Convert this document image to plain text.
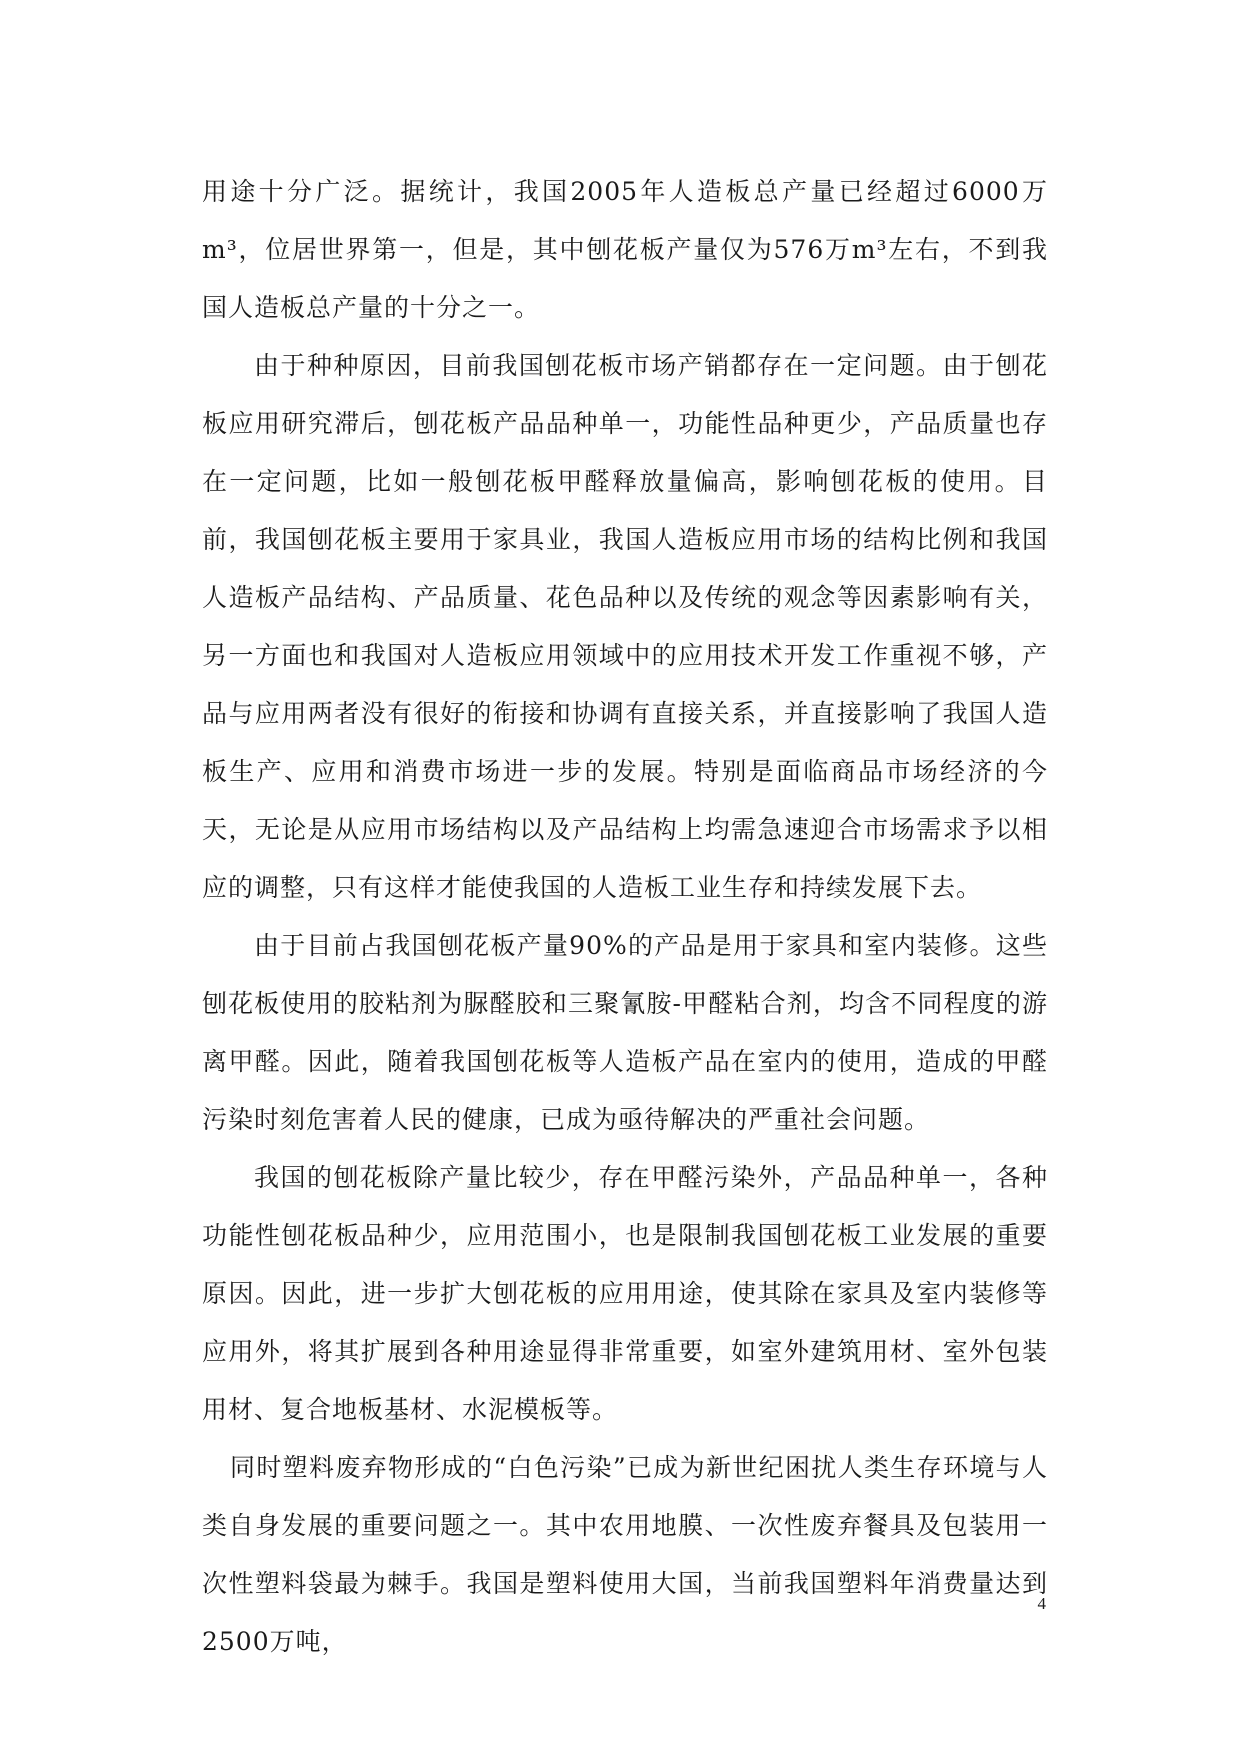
用途十分广泛。据统计，我国2005年人造板总产量已经超过6000万m³，位居世界第一，但是，其中刨花板产量仅为576万m³左右，不到我国人造板总产量的十分之一。

由于种种原因，目前我国刨花板市场产销都存在一定问题。由于刨花板应用研究滞后，刨花板产品品种单一，功能性品种更少，产品质量也存在一定问题，比如一般刨花板甲醛释放量偏高，影响刨花板的使用。目前，我国刨花板主要用于家具业，我国人造板应用市场的结构比例和我国人造板产品结构、产品质量、花色品种以及传统的观念等因素影响有关，另一方面也和我国对人造板应用领域中的应用技术开发工作重视不够，产品与应用两者没有很好的衔接和协调有直接关系，并直接影响了我国人造板生产、应用和消费市场进一步的发展。特别是面临商品市场经济的今天，无论是从应用市场结构以及产品结构上均需急速迎合市场需求予以相应的调整，只有这样才能使我国的人造板工业生存和持续发展下去。

由于目前占我国刨花板产量90%的产品是用于家具和室内装修。这些刨花板使用的胶粘剂为脲醛胶和三聚氰胺-甲醛粘合剂，均含不同程度的游离甲醛。因此，随着我国刨花板等人造板产品在室内的使用，造成的甲醛污染时刻危害着人民的健康，已成为亟待解决的严重社会问题。

我国的刨花板除产量比较少，存在甲醛污染外，产品品种单一，各种功能性刨花板品种少，应用范围小，也是限制我国刨花板工业发展的重要原因。因此，进一步扩大刨花板的应用用途，使其除在家具及室内装修等应用外，将其扩展到各种用途显得非常重要，如室外建筑用材、室外包装用材、复合地板基材、水泥模板等。

同时塑料废弃物形成的“白色污染”已成为新世纪困扰人类生存环境与人类自身发展的重要问题之一。其中农用地膜、一次性废弃餐具及包装用一次性塑料袋最为棘手。我国是塑料使用大国，当前我国塑料年消费量达到2500万吨，

4
